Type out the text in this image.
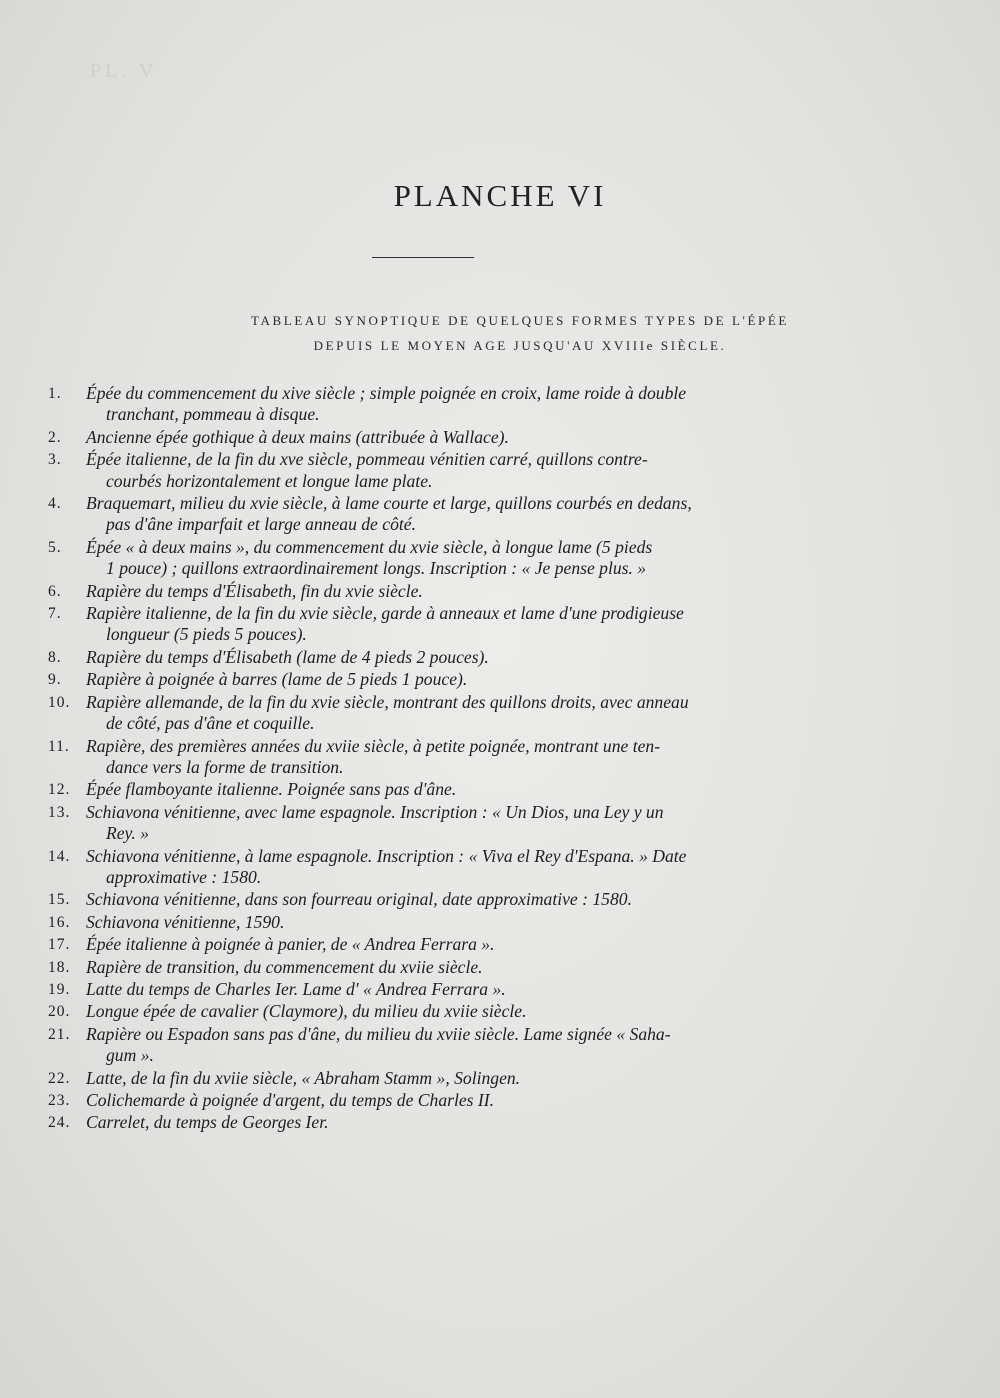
PL. V
PLANCHE VI
TABLEAU SYNOPTIQUE DE QUELQUES FORMES TYPES DE L'ÉPÉE
DEPUIS LE MOYEN AGE JUSQU'AU XVIIIe SIÈCLE.
1.	Épée du commencement du xive siècle ; simple poignée en croix, lame roide à double
tranchant, pommeau à disque.
2.	Ancienne épée gothique à deux mains (attribuée à Wallace).
3.	Épée italienne, de la fin du xve siècle, pommeau vénitien carré, quillons contre-
courbés horizontalement et longue lame plate.
4.	Braquemart, milieu du xvie siècle, à lame courte et large, quillons courbés en dedans,
pas d'âne imparfait et large anneau de côté.
5.	Épée « à deux mains », du commencement du xvie siècle, à longue lame (5 pieds
1 pouce) ; quillons extraordinairement longs. Inscription : « Je pense plus. »
6.	Rapière du temps d'Élisabeth, fin du xvie siècle.
7.	Rapière italienne, de la fin du xvie siècle, garde à anneaux et lame d'une prodigieuse
longueur (5 pieds 5 pouces).
8.	Rapière du temps d'Élisabeth (lame de 4 pieds 2 pouces).
9.	Rapière à poignée à barres (lame de 5 pieds 1 pouce).
10. Rapière allemande, de la fin du xvie siècle, montrant des quillons droits, avec anneau
de côté, pas d'âne et coquille.
11. Rapière, des premières années du xviie siècle, à petite poignée, montrant une ten-
dance vers la forme de transition.
12. Épée flamboyante italienne. Poignée sans pas d'âne.
13. Schiavona vénitienne, avec lame espagnole. Inscription : « Un Dios, una Ley y un
Rey. »
14. Schiavona vénitienne, à lame espagnole. Inscription : « Viva el Rey d'Espana. » Date
approximative : 1580.
15. Schiavona vénitienne, dans son fourreau original, date approximative : 1580.
16. Schiavona vénitienne, 1590.
17. Épée italienne à poignée à panier, de « Andrea Ferrara ».
18. Rapière de transition, du commencement du xviie siècle.
19. Latte du temps de Charles Ier. Lame d' « Andrea Ferrara ».
20. Longue épée de cavalier (Claymore), du milieu du xviie siècle.
21. Rapière ou Espadon sans pas d'âne, du milieu du xviie siècle. Lame signée « Saha-
gum ».
22. Latte, de la fin du xviie siècle, « Abraham Stamm », Solingen.
23. Colichemarde à poignée d'argent, du temps de Charles II.
24. Carrelet, du temps de Georges Ier.
